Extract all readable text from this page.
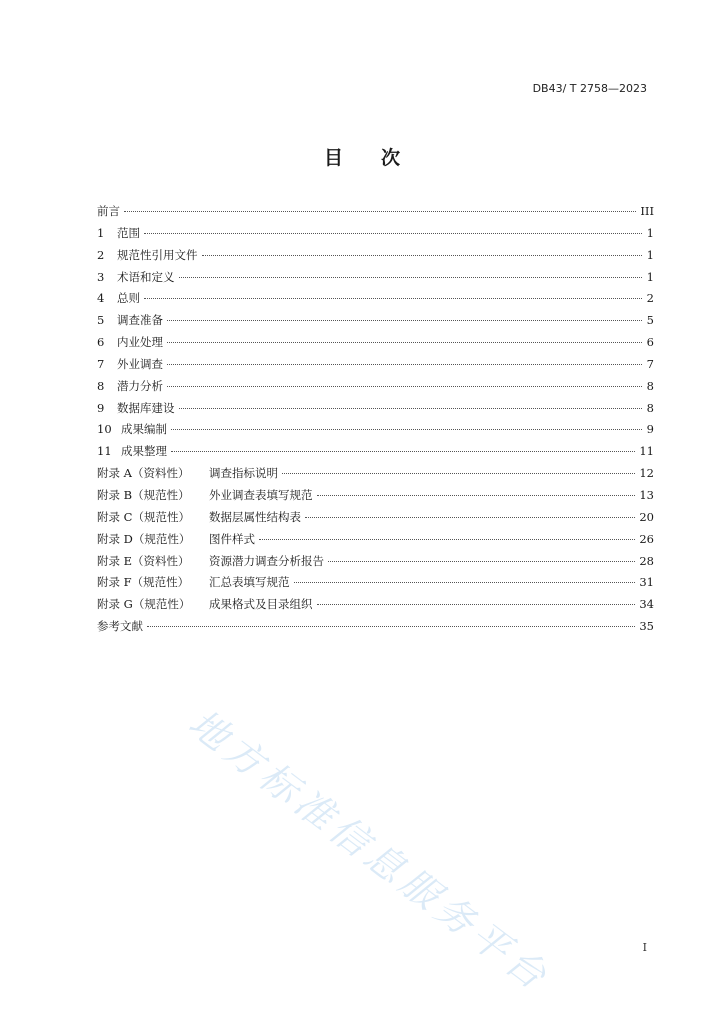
DB43/ T 2758—2023
目 次
前言	III
1	范围	1
2	规范性引用文件	1
3	术语和定义	1
4	总则	2
5	调查准备	5
6	内业处理	6
7	外业调查	7
8	潜力分析	8
9	数据库建设	8
10 成果编制	9
11 成果整理	11
附录 A（资料性）	调查指标说明	12
附录 B（规范性）	外业调查表填写规范	13
附录 C（规范性）	数据层属性结构表	20
附录 D（规范性）	图件样式	26
附录 E（资料性）	资源潜力调查分析报告	28
附录 F（规范性）	汇总表填写规范	31
附录 G（规范性）	成果格式及目录组织	34
参考文献	35
地方标准信息服务平台	I
